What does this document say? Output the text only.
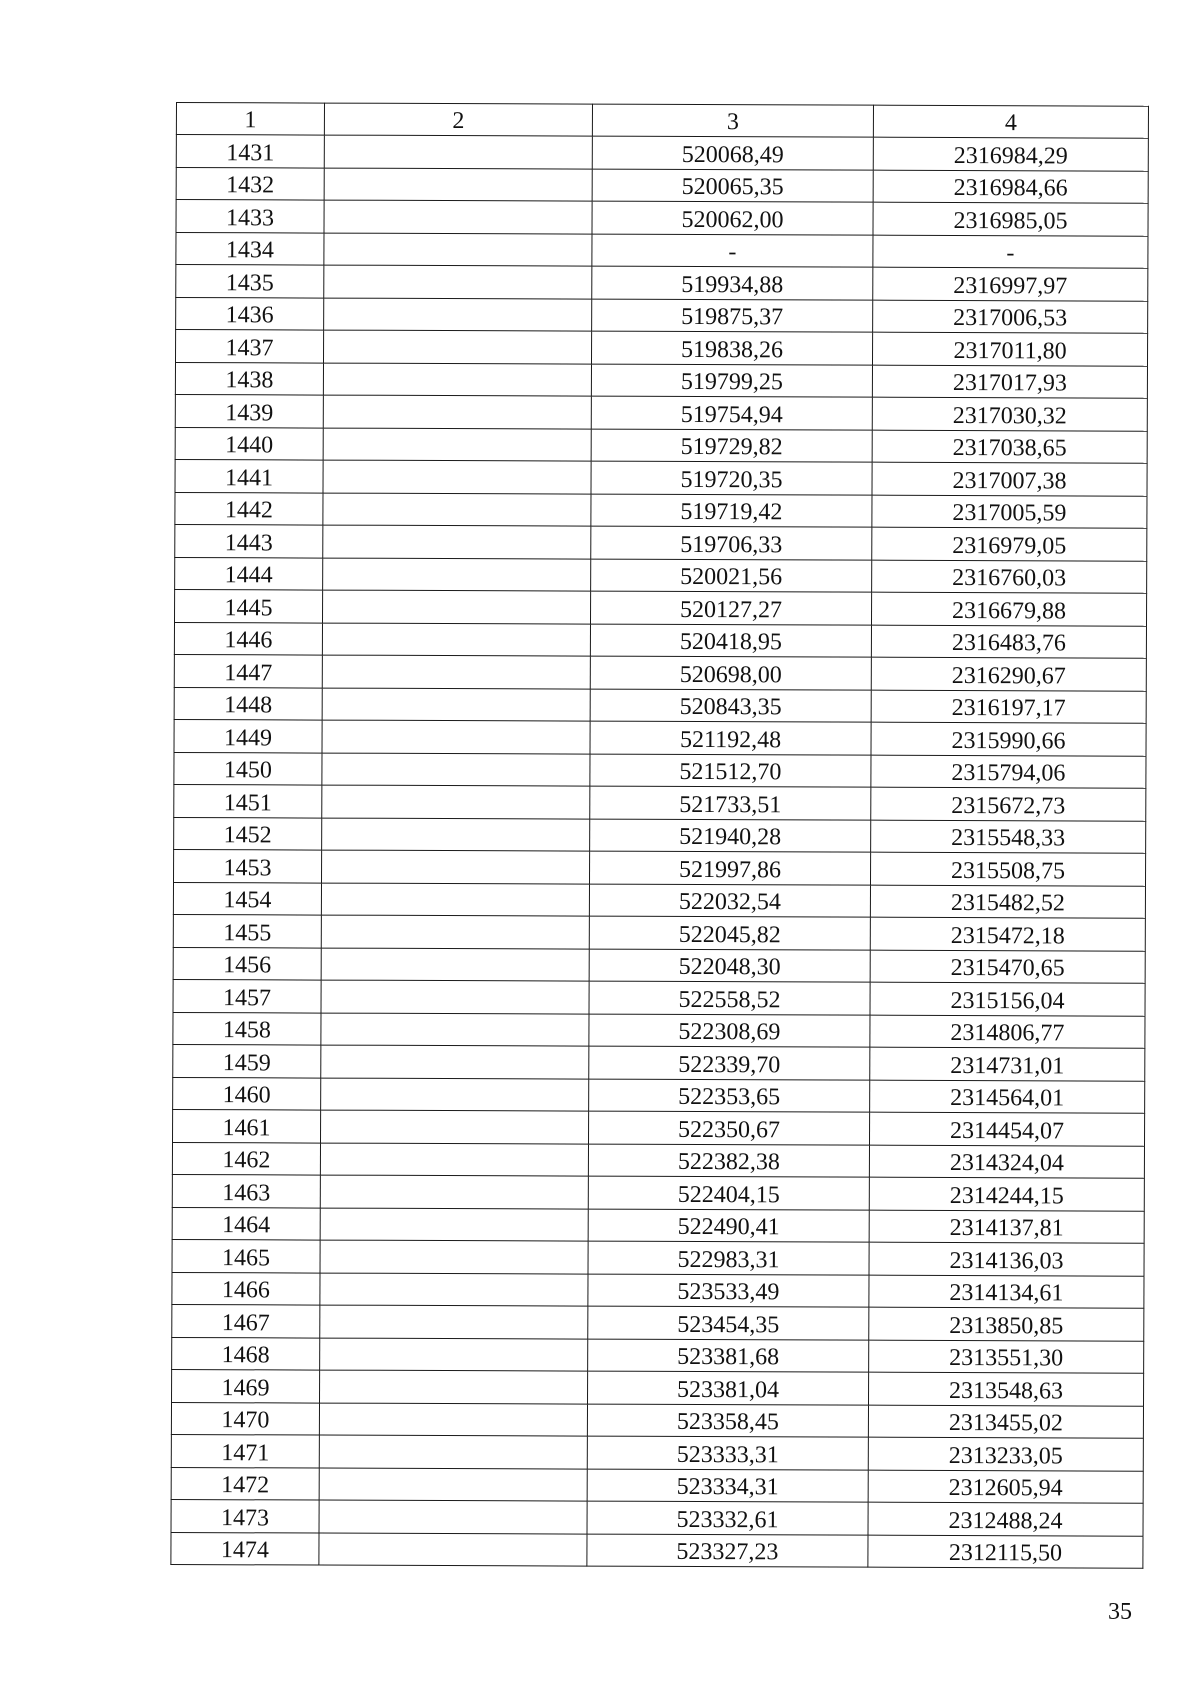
1	2	3	4
1431		520068,49	2316984,29
1432		520065,35	2316984,66
1433		520062,00	2316985,05
1434		-	-
1435		519934,88	2316997,97
1436		519875,37	2317006,53
1437		519838,26	2317011,80
1438		519799,25	2317017,93
1439		519754,94	2317030,32
1440		519729,82	2317038,65
1441		519720,35	2317007,38
1442		519719,42	2317005,59
1443		519706,33	2316979,05
1444		520021,56	2316760,03
1445		520127,27	2316679,88
1446		520418,95	2316483,76
1447		520698,00	2316290,67
1448		520843,35	2316197,17
1449		521192,48	2315990,66
1450		521512,70	2315794,06
1451		521733,51	2315672,73
1452		521940,28	2315548,33
1453		521997,86	2315508,75
1454		522032,54	2315482,52
1455		522045,82	2315472,18
1456		522048,30	2315470,65
1457		522558,52	2315156,04
1458		522308,69	2314806,77
1459		522339,70	2314731,01
1460		522353,65	2314564,01
1461		522350,67	2314454,07
1462		522382,38	2314324,04
1463		522404,15	2314244,15
1464		522490,41	2314137,81
1465		522983,31	2314136,03
1466		523533,49	2314134,61
1467		523454,35	2313850,85
1468		523381,68	2313551,30
1469		523381,04	2313548,63
1470		523358,45	2313455,02
1471		523333,31	2313233,05
1472		523334,31	2312605,94
1473		523332,61	2312488,24
1474		523327,23	2312115,50
35
